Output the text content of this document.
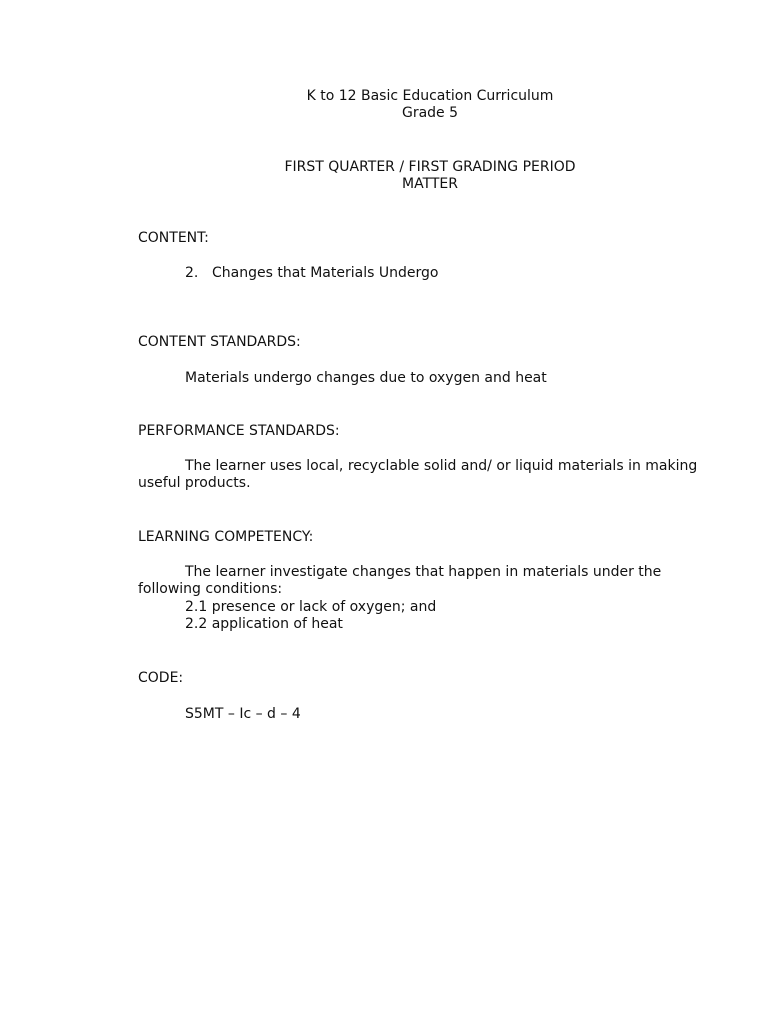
K to 12 Basic Education Curriculum
Grade 5
FIRST QUARTER / FIRST GRADING PERIOD
MATTER
CONTENT:
2. Changes that Materials Undergo
CONTENT STANDARDS:
Materials undergo changes due to oxygen and heat
PERFORMANCE STANDARDS:
The learner uses local, recyclable solid and/ or liquid materials in making useful products.
LEARNING COMPETENCY:
The learner investigate changes that happen in materials under the following conditions:
2.1 presence or lack of oxygen; and
2.2 application of heat
CODE:
S5MT – Ic – d – 4
